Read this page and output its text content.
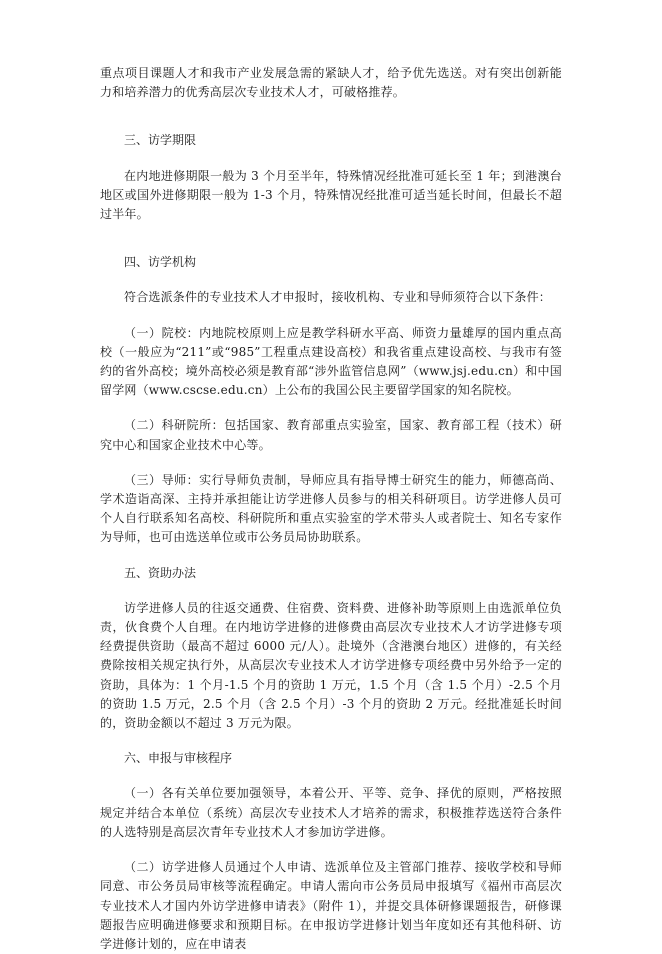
重点项目课题人才和我市产业发展急需的紧缺人才，给予优先选送。对有突出创新能力和培养潜力的优秀高层次专业技术人才，可破格推荐。

三、访学期限

在内地进修期限一般为 3 个月至半年，特殊情况经批准可延长至 1 年；到港澳台地区或国外进修期限一般为 1-3 个月，特殊情况经批准可适当延长时间，但最长不超过半年。

四、访学机构

符合选派条件的专业技术人才申报时，接收机构、专业和导师须符合以下条件：

（一）院校：内地院校原则上应是教学科研水平高、师资力量雄厚的国内重点高校（一般应为“211”或“985”工程重点建设高校）和我省重点建设高校、与我市有签约的省外高校；境外高校必须是教育部“涉外监管信息网”（www.jsj.edu.cn）和中国留学网（www.cscse.edu.cn）上公布的我国公民主要留学国家的知名院校。

（二）科研院所：包括国家、教育部重点实验室，国家、教育部工程（技术）研究中心和国家企业技术中心等。

（三）导师：实行导师负责制，导师应具有指导博士研究生的能力，师德高尚、学术造诣高深、主持并承担能让访学进修人员参与的相关科研项目。访学进修人员可个人自行联系知名高校、科研院所和重点实验室的学术带头人或者院士、知名专家作为导师，也可由选送单位或市公务员局协助联系。

五、资助办法

访学进修人员的往返交通费、住宿费、资料费、进修补助等原则上由选派单位负责，伙食费个人自理。在内地访学进修的进修费由高层次专业技术人才访学进修专项经费提供资助（最高不超过 6000 元/人）。赴境外（含港澳台地区）进修的，有关经费除按相关规定执行外，从高层次专业技术人才访学进修专项经费中另外给予一定的资助，具体为：1 个月-1.5 个月的资助 1 万元，1.5 个月（含 1.5 个月）-2.5 个月的资助 1.5 万元，2.5 个月（含 2.5 个月）-3 个月的资助 2 万元。经批准延长时间的，资助金额以不超过 3 万元为限。

六、申报与审核程序

（一）各有关单位要加强领导，本着公开、平等、竞争、择优的原则，严格按照规定并结合本单位（系统）高层次专业技术人才培养的需求，积极推荐选送符合条件的人选特别是高层次青年专业技术人才参加访学进修。

（二）访学进修人员通过个人申请、选派单位及主管部门推荐、接收学校和导师同意、市公务员局审核等流程确定。申请人需向市公务员局申报填写《福州市高层次专业技术人才国内外访学进修申请表》（附件 1），并提交具体研修课题报告，研修课题报告应明确进修要求和预期目标。在申报访学进修计划当年度如还有其他科研、访学进修计划的，应在申请表
